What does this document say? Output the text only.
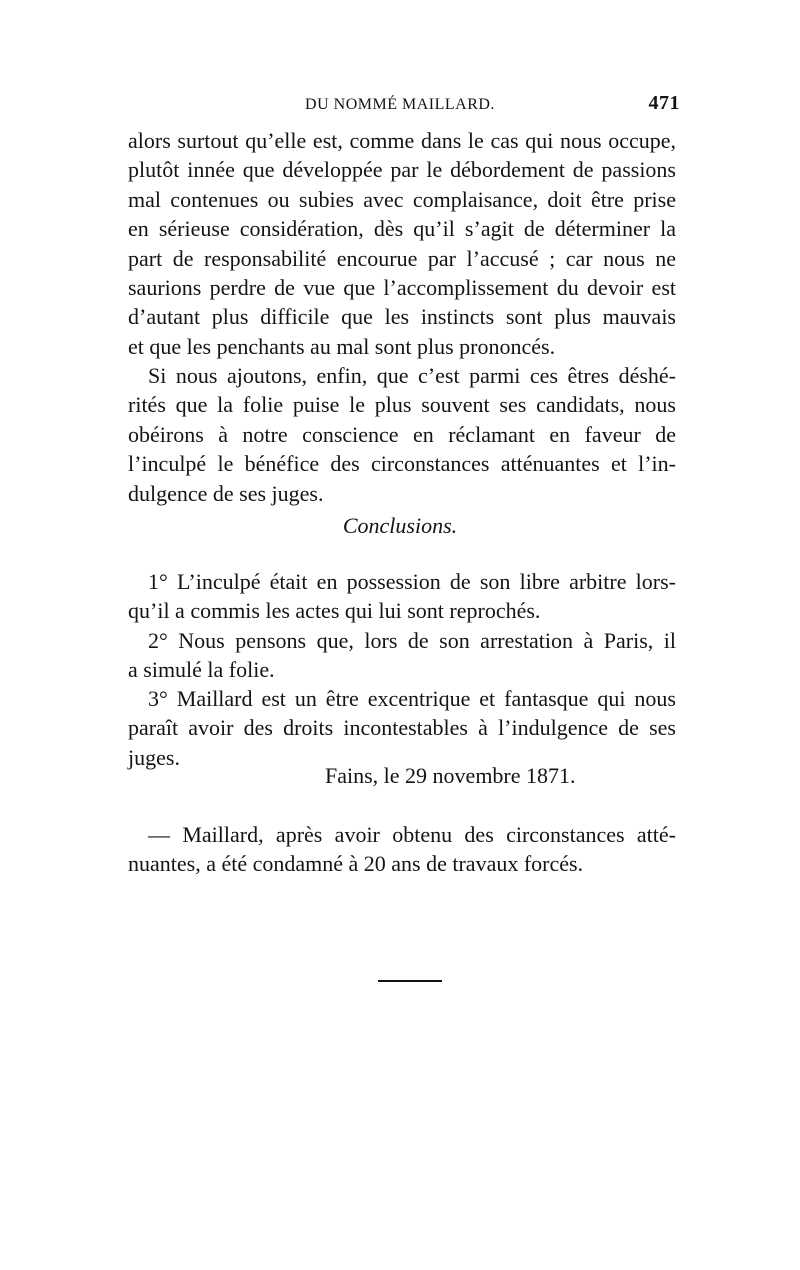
DU NOMMÉ MAILLARD.	471
alors surtout qu’elle est, comme dans le cas qui nous occupe,
plutôt innée que développée par le débordement de passions
mal contenues ou subies avec complaisance, doit être prise
en sérieuse considération, dès qu’il s’agit de déterminer la
part de responsabilité encourue par l’accusé ; car nous ne
saurions perdre de vue que l’accomplissement du devoir est
d’autant plus difficile que les instincts sont plus mauvais
et que les penchants au mal sont plus prononcés.
Si nous ajoutons, enfin, que c’est parmi ces êtres déshé-
rités que la folie puise le plus souvent ses candidats, nous
obéirons à notre conscience en réclamant en faveur de
l’inculpé le bénéfice des circonstances atténuantes et l’in-
dulgence de ses juges.
Conclusions.
1° L’inculpé était en possession de son libre arbitre lors-
qu’il a commis les actes qui lui sont reprochés.
2° Nous pensons que, lors de son arrestation à Paris, il
a simulé la folie.
3° Maillard est un être excentrique et fantasque qui nous
paraît avoir des droits incontestables à l’indulgence de ses
juges.
Fains, le 29 novembre 1871.
— Maillard, après avoir obtenu des circonstances atté-
nuantes, a été condamné à 20 ans de travaux forcés.
